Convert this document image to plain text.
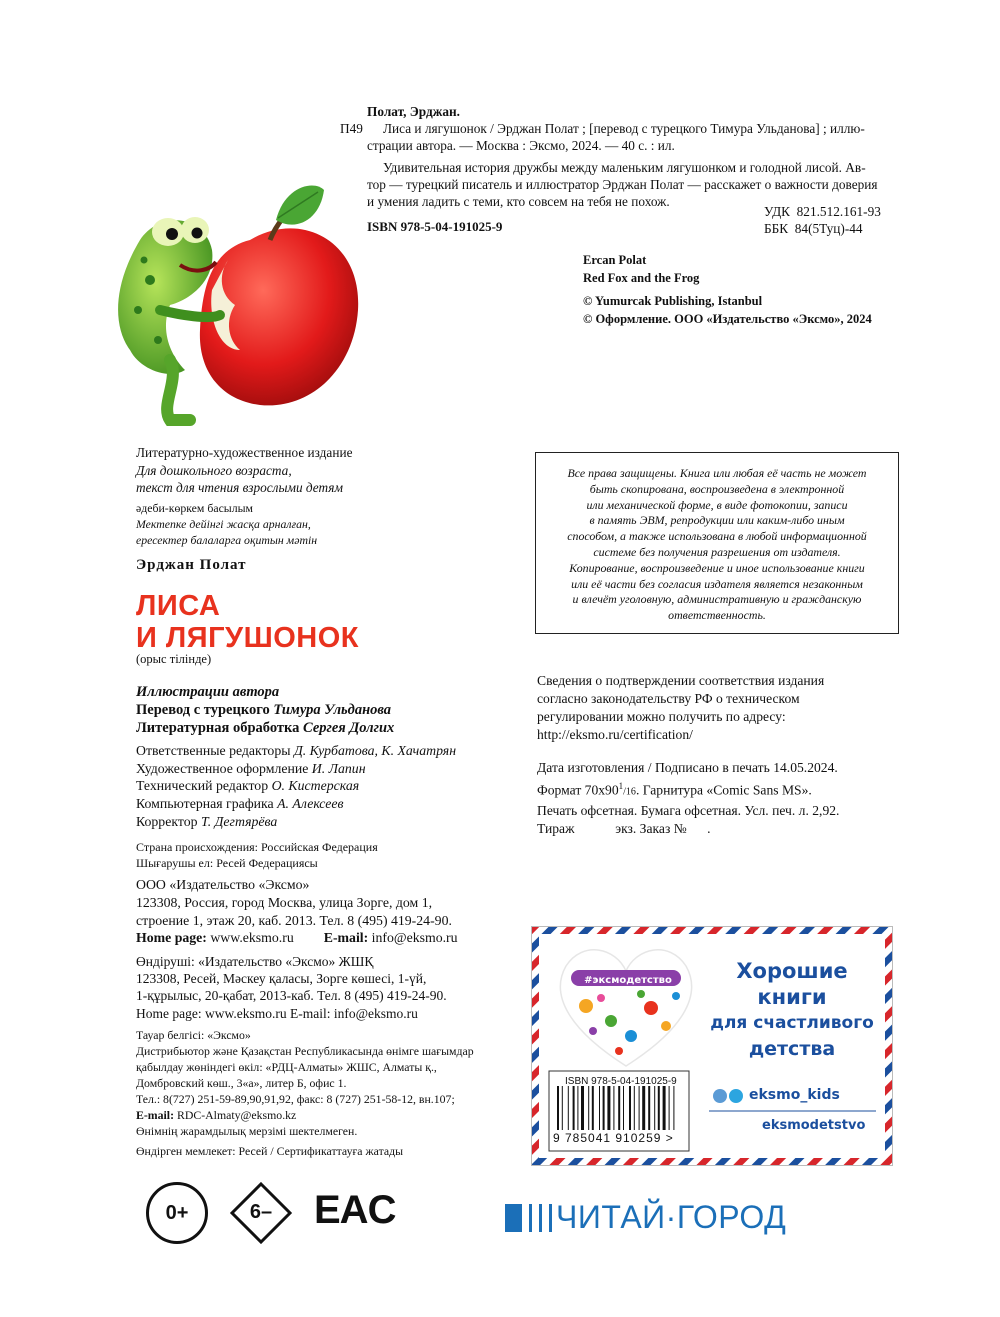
П49

Полат, Эрджан.

Лиса и лягушонок / Эрджан Полат ; [перевод с турецкого Тимура Ульданова] ; иллю-

страции автора. — Москва : Эксмо, 2024. — 40 с. : ил.

Удивительная история дружбы между маленьким лягушонком и голодной лисой. Ав-

тор — турецкий писатель и иллюстратор Эрджан Полат — расскажет о важности доверия

и умения ладить с теми, кто совсем на тебя не похож.

УДК  821.512.161-93
ББК  84(5Туц)-44
ISBN 978-5-04-191025-9
Ercan Polat
Red Fox and the Frog
© Yumurcak Publishing, Istanbul
© Оформление. ООО «Издательство «Эксмо», 2024
Литературно-художественное издание
Для дошкольного возраста,
текст для чтения взрослыми детям
әдеби-көркем басылым
Мектепке дейінгі жасқа арналған,
ересектер балаларга оқитын мәтін
Эрджан Полат
ЛИСА
И ЛЯГУШОНОК
(орыс тілінде)
Иллюстрации автора
Перевод с турецкого Тимура Ульданова
Литературная обработка Сергея Долгих
Ответственные редакторы Д. Курбатова, К. Хачатрян
Художественное оформление И. Лапин
Технический редактор О. Кистерская
Компьютерная графика А. Алексеев
Корректор Т. Дегтярёва
Страна происхождения: Российская Федерация
Шығарушы ел: Ресей Федерациясы
ООО «Издательство «Эксмо»
123308, Россия, город Москва, улица Зорге, дом 1,
строение 1, этаж 20, каб. 2013. Тел. 8 (495) 419-24-90.
Home page: www.eksmo.ru E-mail: info@eksmo.ru
Өндіруші: «Издательство «Эксмо» ЖШҚ
123308, Ресей, Мәскеу қаласы, Зорге көшесі, 1-үй,
1-құрылыс, 20-қабат, 2013-каб. Тел. 8 (495) 419-24-90.
Home page: www.eksmo.ru E-mail: info@eksmo.ru
Тауар белгісі: «Эксмо»
Дистрибьютор және Қазақстан Республикасында өнімге шағымдар
қабылдау жөніндегі өкіл: «РДЦ-Алматы» ЖШС, Алматы қ.,
Домбровский көш., 3«а», литер Б, офис 1.
Тел.: 8(727) 251-59-89,90,91,92, факс: 8 (727) 251-58-12, вн.107;
E-mail: RDC-Almaty@eksmo.kz
Өнімнің жарамдылық мерзімі шектелмеген.
Өндірген мемлекет: Ресей / Сертификаттауға жатады
Все права защищены. Книга или любая её часть не может
быть скопирована, воспроизведена в электронной
или механической форме, в виде фотокопии, записи
в память ЭВМ, репродукции или каким-либо иным
способом, а также использована в любой информационной
системе без получения разрешения от издателя.
Копирование, воспроизведение и иное использование книги
или её части без согласия издателя является незаконным
и влечёт уголовную, административную и гражданскую
ответственность.
Сведения о подтверждении соответствия издания
согласно законодательству РФ о техническом
регулировании можно получить по адресу:
http://eksmo.ru/certification/
Дата изготовления / Подписано в печать 14.05.2024.
Формат $70x90^1/16$. Гарнитура «Comic Sans MS».
Печать офсетная. Бумага офсетная. Усл. печ. л. 2,92.
Тираж            экз. Заказ №      .
#эксмодетство	Хорошие
книги
для счастливого
детства
ISBN 978-5-04-191025-9
9 785041 910259 >
eksmo_kids
eksmodetstvo
0+	6–	EAC	ЧИТАЙ·ГОРОД
